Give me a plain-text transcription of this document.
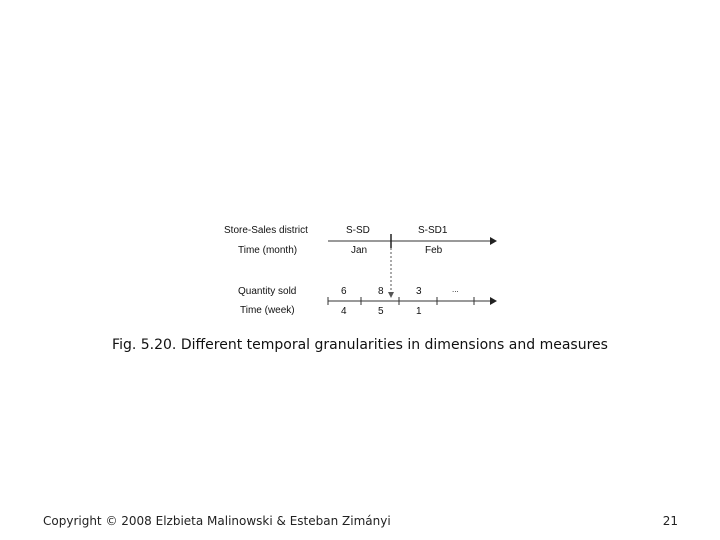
Store-Sales district
Time (month)
Quantity sold
Time (week)
S-SD	S-SD1
Jan	Feb
6	8	3	...
4	5	1
Fig. 5.20. Different temporal granularities in dimensions and measures
Copyright © 2008 Elzbieta Malinowski & Esteban Zimányi	21
